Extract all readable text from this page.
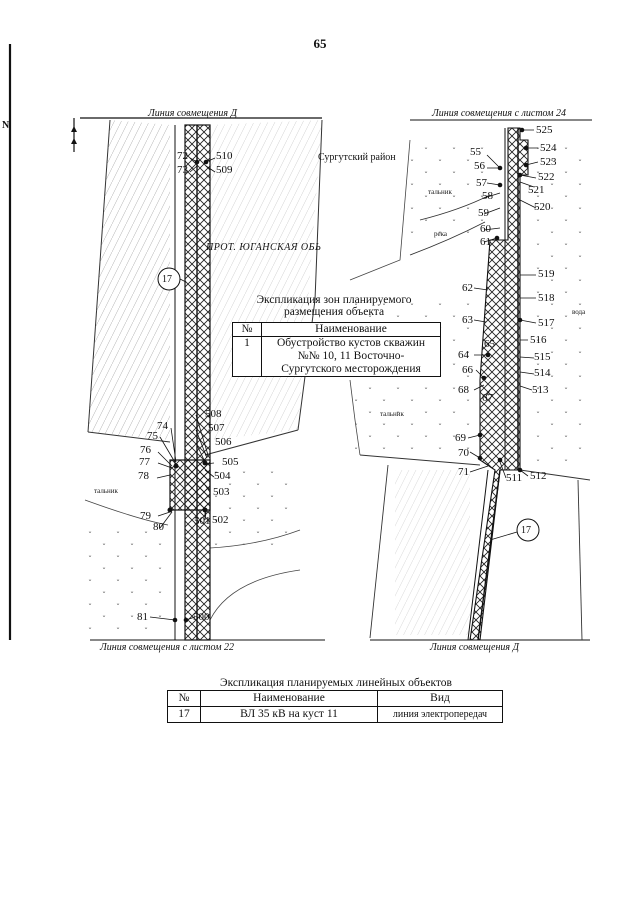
65
N
Линия совмещения Д	Линия совмещения с листом 24
Линия совмещения с листом 22	Линия совмещения Д
Сургутский район
ПРОТ. ЮГАНСКАЯ ОБЬ
17
17
тальник
тальник
тальник
река
вода
72
73
510
509
508
507
506
505
504
503
502
501
500
74
75
76
77
78
79
80
81
525
524
523
522
521
520
519
518
517
516
515
514
513
512
511
55
56
57
58
59
60
61
62
63
64
65
66
67
68
69
70
71
Экспликация зон планируемого
размещения объекта
№	Наименование
1	Обустройство кустов скважин
№№ 10, 11 Восточно-
Сургутского месторождения
Экспликация планируемых линейных объектов
№	Наименование	Вид
17	ВЛ 35 кВ на куст 11	линия электропередач
